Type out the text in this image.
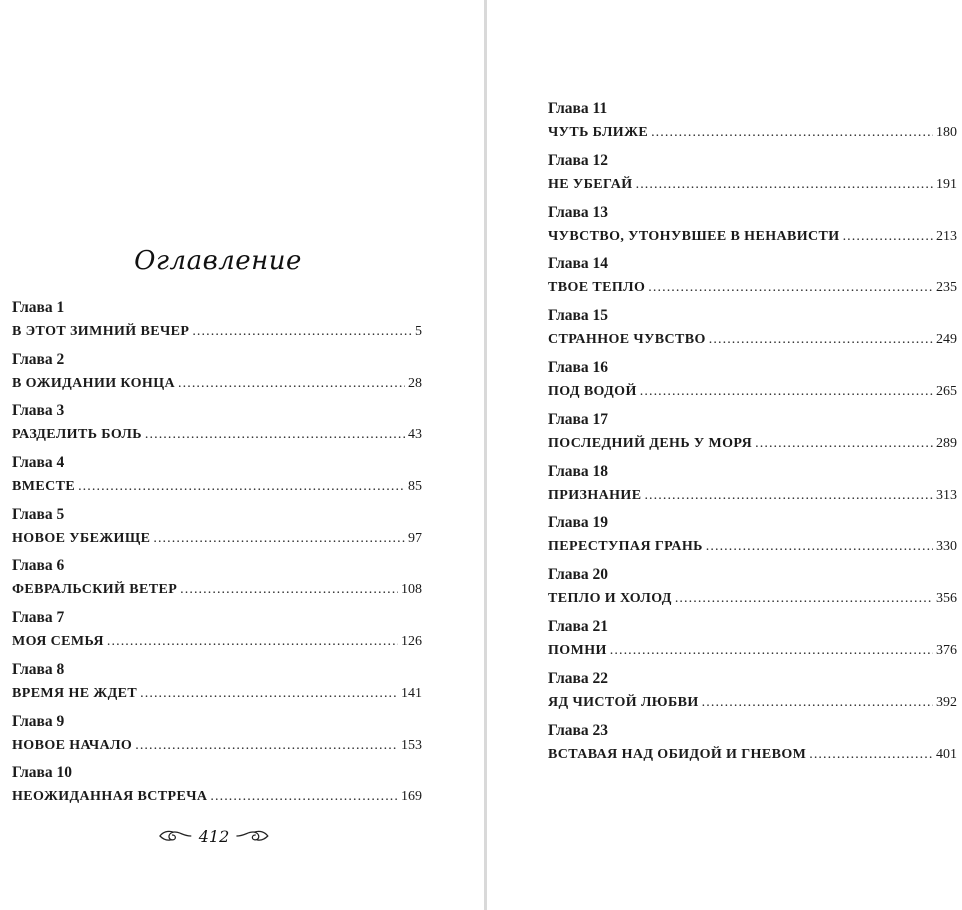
Оглавление
Глава 1
В ЭТОТ ЗИМНИЙ ВЕЧЕР . . .	5
Глава 2
В ОЖИДАНИИ КОНЦА . . .	28
Глава 3
РАЗДЕЛИТЬ БОЛЬ . . .	43
Глава 4
ВМЕСТЕ . . .	85
Глава 5
НОВОЕ УБЕЖИЩЕ . . .	97
Глава 6
ФЕВРАЛЬСКИЙ ВЕТЕР . . .	108
Глава 7
МОЯ СЕМЬЯ . . .	126
Глава 8
ВРЕМЯ НЕ ЖДЕТ . . .	141
Глава 9
НОВОЕ НАЧАЛО . . .	153
Глава 10
НЕОЖИДАННАЯ ВСТРЕЧА . . .	169
412
Глава 11
ЧУТЬ БЛИЖЕ . . .	180
Глава 12
НЕ УБЕГАЙ . . .	191
Глава 13
ЧУВСТВО, УТОНУВШЕЕ В НЕНАВИСТИ . . .	213
Глава 14
ТВОЕ ТЕПЛО . . .	235
Глава 15
СТРАННОЕ ЧУВСТВО . . .	249
Глава 16
ПОД ВОДОЙ . . .	265
Глава 17
ПОСЛЕДНИЙ ДЕНЬ У МОРЯ . . .	289
Глава 18
ПРИЗНАНИЕ . . .	313
Глава 19
ПЕРЕСТУПАЯ ГРАНЬ . . .	330
Глава 20
ТЕПЛО И ХОЛОД . . .	356
Глава 21
ПОМНИ . . .	376
Глава 22
ЯД ЧИСТОЙ ЛЮБВИ . . .	392
Глава 23
ВСТАВАЯ НАД ОБИДОЙ И ГНЕВОМ . . .	401
